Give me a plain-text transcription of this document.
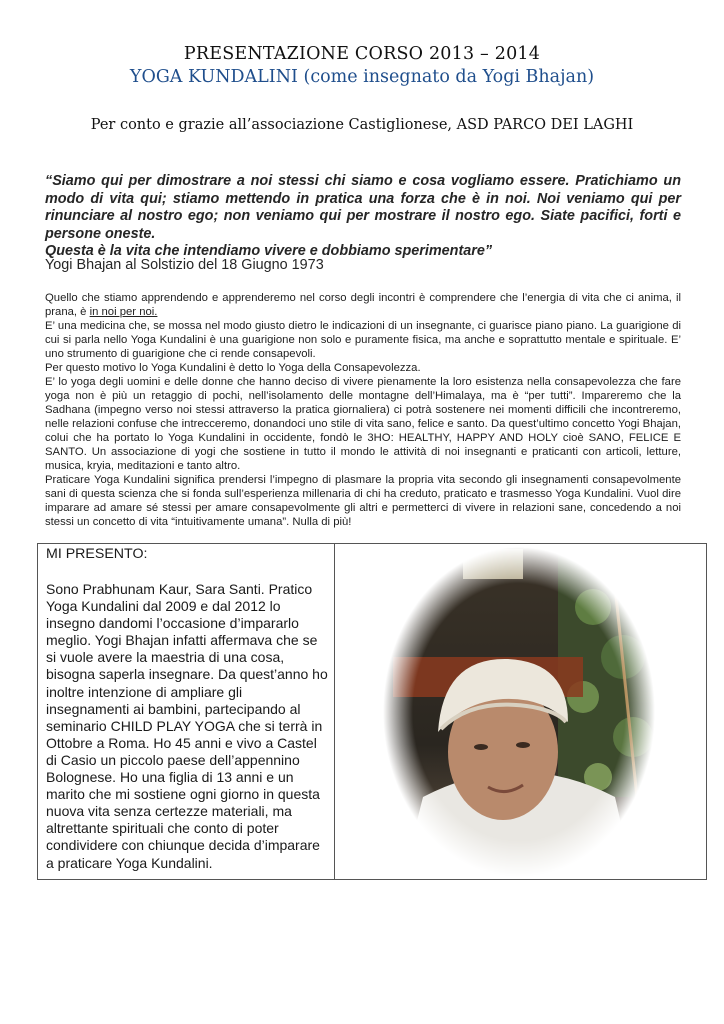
PRESENTAZIONE CORSO 2013 – 2014
YOGA KUNDALINI (come insegnato da Yogi Bhajan)
Per conto e grazie all’associazione Castiglionese, ASD PARCO DEI LAGHI

“Siamo qui per dimostrare a noi stessi chi siamo e cosa vogliamo essere. Pratichiamo un modo di vita qui; stiamo mettendo in pratica una forza che è in noi. Noi veniamo qui per rinunciare al nostro ego; non veniamo qui per mostrare il nostro ego. Siate pacifici, forti e persone oneste.

Questa è la vita che intendiamo vivere e dobbiamo sperimentare”

Yogi Bhajan al Solstizio del 18 Giugno 1973

Quello che stiamo apprendendo e apprenderemo nel corso degli incontri è comprendere che l’energia di vita che ci anima, il prana, è in noi per noi.

E’ una medicina che, se mossa nel modo giusto dietro le indicazioni di un insegnante, ci guarisce piano piano. La guarigione di cui si parla nello Yoga Kundalini è una guarigione non solo e puramente fisica, ma anche e soprattutto mentale e spirituale. E’ uno strumento di guarigione che ci rende consapevoli.

Per questo motivo lo Yoga Kundalini è detto lo Yoga della Consapevolezza.

E’ lo yoga degli uomini e delle donne che hanno deciso di vivere pienamente la loro esistenza nella consapevolezza che fare yoga non è più un retaggio di pochi, nell’isolamento delle montagne dell’Himalaya, ma è “per tutti”. Impareremo che la Sadhana (impegno verso noi stessi attraverso la pratica giornaliera) ci potrà sostenere nei momenti difficili che incontreremo, nelle relazioni confuse che intrecceremo, donandoci uno stile di vita sano, felice e santo. Da quest’ultimo concetto Yogi Bhajan, colui che ha portato lo Yoga Kundalini in occidente, fondò le 3HO: HEALTHY, HAPPY AND HOLY cioè SANO, FELICE E SANTO. Un associazione di yogi che sostiene in tutto il mondo le attività di noi insegnanti e praticanti con articoli, letture, musica, kryia, meditazioni e tanto altro.

Praticare Yoga Kundalini significa prendersi l’impegno di plasmare la propria vita secondo gli insegnamenti consapevolmente sani di questa scienza che si fonda sull’esperienza millenaria di chi ha creduto, praticato e trasmesso Yoga Kundalini. Vuol dire imparare ad amare sé stessi per amare consapevolmente gli altri e permetterci di vivere in relazioni sane, concedendo a noi stessi un concetto di vita “intuitivamente umana”. Nulla di più!

MI PRESENTO:
Sono Prabhunam Kaur, Sara Santi. Pratico Yoga Kundalini dal 2009 e dal 2012 lo insegno dandomi l’occasione d’impararlo meglio. Yogi Bhajan infatti affermava che se si vuole avere la maestria di una cosa, bisogna saperla insegnare. Da quest’anno ho inoltre intenzione di ampliare gli insegnamenti ai bambini, partecipando al seminario CHILD PLAY YOGA che si terrà in Ottobre a Roma. Ho 45 anni e vivo a Castel di Casio un piccolo paese dell’appennino Bolognese. Ho una figlia di 13 anni e un marito che mi sostiene ogni giorno in questa nuova vita senza certezze materiali, ma altrettante spirituali che conto di poter condividere con chiunque decida d’imparare a praticare Yoga Kundalini.
